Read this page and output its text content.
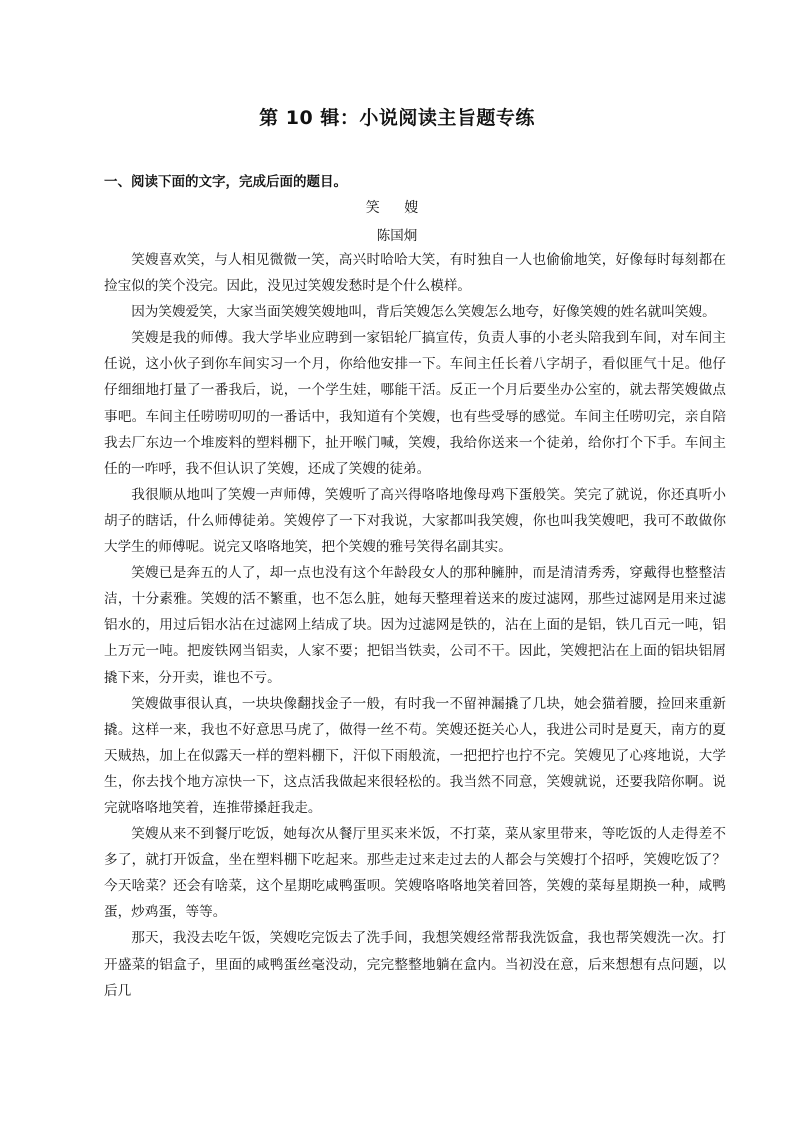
第 10 辑：小说阅读主旨题专练
一、阅读下面的文字，完成后面的题目。
笑 嫂
陈国炯

笑嫂喜欢笑，与人相见微微一笑，高兴时哈哈大笑，有时独自一人也偷偷地笑，好像每时每刻都在捡宝似的笑个没完。因此，没见过笑嫂发愁时是个什么模样。

因为笑嫂爱笑，大家当面笑嫂笑嫂地叫，背后笑嫂怎么笑嫂怎么地夸，好像笑嫂的姓名就叫笑嫂。

笑嫂是我的师傅。我大学毕业应聘到一家铝轮厂搞宣传，负责人事的小老头陪我到车间，对车间主任说，这小伙子到你车间实习一个月，你给他安排一下。车间主任长着八字胡子，看似匪气十足。他仔仔细细地打量了一番我后，说，一个学生娃，哪能干活。反正一个月后要坐办公室的，就去帮笑嫂做点事吧。车间主任唠唠叨叨的一番话中，我知道有个笑嫂，也有些受辱的感觉。车间主任唠叨完，亲自陪我去厂东边一个堆废料的塑料棚下，扯开喉门喊，笑嫂，我给你送来一个徒弟，给你打个下手。车间主任的一咋呼，我不但认识了笑嫂，还成了笑嫂的徒弟。

我很顺从地叫了笑嫂一声师傅，笑嫂听了高兴得咯咯地像母鸡下蛋般笑。笑完了就说，你还真听小胡子的瞎话，什么师傅徒弟。笑嫂停了一下对我说，大家都叫我笑嫂，你也叫我笑嫂吧，我可不敢做你大学生的师傅呢。说完又咯咯地笑，把个笑嫂的雅号笑得名副其实。

笑嫂已是奔五的人了，却一点也没有这个年龄段女人的那种臃肿，而是清清秀秀，穿戴得也整整洁洁，十分素雅。笑嫂的活不繁重，也不怎么脏，她每天整理着送来的废过滤网，那些过滤网是用来过滤铝水的，用过后铝水沾在过滤网上结成了块。因为过滤网是铁的，沾在上面的是铝，铁几百元一吨，铝上万元一吨。把废铁网当铝卖，人家不要；把铝当铁卖，公司不干。因此，笑嫂把沾在上面的铝块铝屑撬下来，分开卖，谁也不亏。

笑嫂做事很认真，一块块像翻找金子一般，有时我一不留神漏撬了几块，她会猫着腰，捡回来重新撬。这样一来，我也不好意思马虎了，做得一丝不苟。笑嫂还挺关心人，我进公司时是夏天，南方的夏天贼热，加上在似露天一样的塑料棚下，汗似下雨般流，一把把拧也拧不完。笑嫂见了心疼地说，大学生，你去找个地方凉快一下，这点活我做起来很轻松的。我当然不同意，笑嫂就说，还要我陪你啊。说完就咯咯地笑着，连推带搡赶我走。

笑嫂从来不到餐厅吃饭，她每次从餐厅里买来米饭，不打菜，菜从家里带来，等吃饭的人走得差不多了，就打开饭盒，坐在塑料棚下吃起来。那些走过来走过去的人都会与笑嫂打个招呼，笑嫂吃饭了？今天啥菜？还会有啥菜，这个星期吃咸鸭蛋呗。笑嫂咯咯咯地笑着回答，笑嫂的菜每星期换一种，咸鸭蛋，炒鸡蛋，等等。

那天，我没去吃午饭，笑嫂吃完饭去了洗手间，我想笑嫂经常帮我洗饭盒，我也帮笑嫂洗一次。打开盛菜的铝盒子，里面的咸鸭蛋丝毫没动，完完整整地躺在盒内。当初没在意，后来想想有点问题，以后几
